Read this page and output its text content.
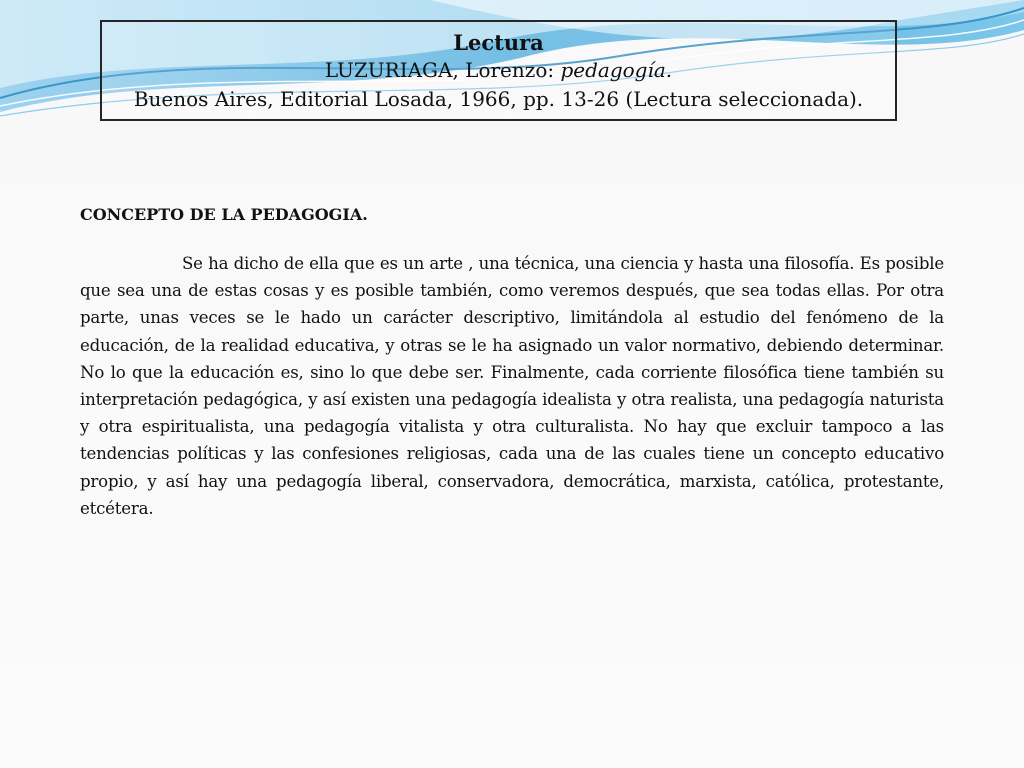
Lectura
LUZURIAGA, Lorenzo: pedagogía.
Buenos Aires, Editorial Losada, 1966, pp. 13-26 (Lectura seleccionada).

CONCEPTO DE LA PEDAGOGIA.

Se ha dicho de ella que es un arte , una técnica, una ciencia y hasta una filosofía. Es posible que sea una de estas cosas y es posible también, como veremos después, que sea todas ellas. Por otra parte, unas veces se le hado un carácter descriptivo, limitándola al estudio del fenómeno de la educación, de la realidad educativa, y otras se le ha asignado un valor normativo, debiendo determinar. No lo que la educación es, sino lo que debe ser. Finalmente, cada corriente filosófica tiene también su interpretación pedagógica, y así existen una pedagogía idealista y otra realista, una pedagogía naturista y otra espiritualista, una pedagogía vitalista y otra culturalista. No hay que excluir tampoco a las tendencias políticas y las confesiones religiosas, cada una de las cuales tiene un concepto educativo propio, y así hay una pedagogía liberal, conservadora, democrática, marxista, católica, protestante, etcétera.
